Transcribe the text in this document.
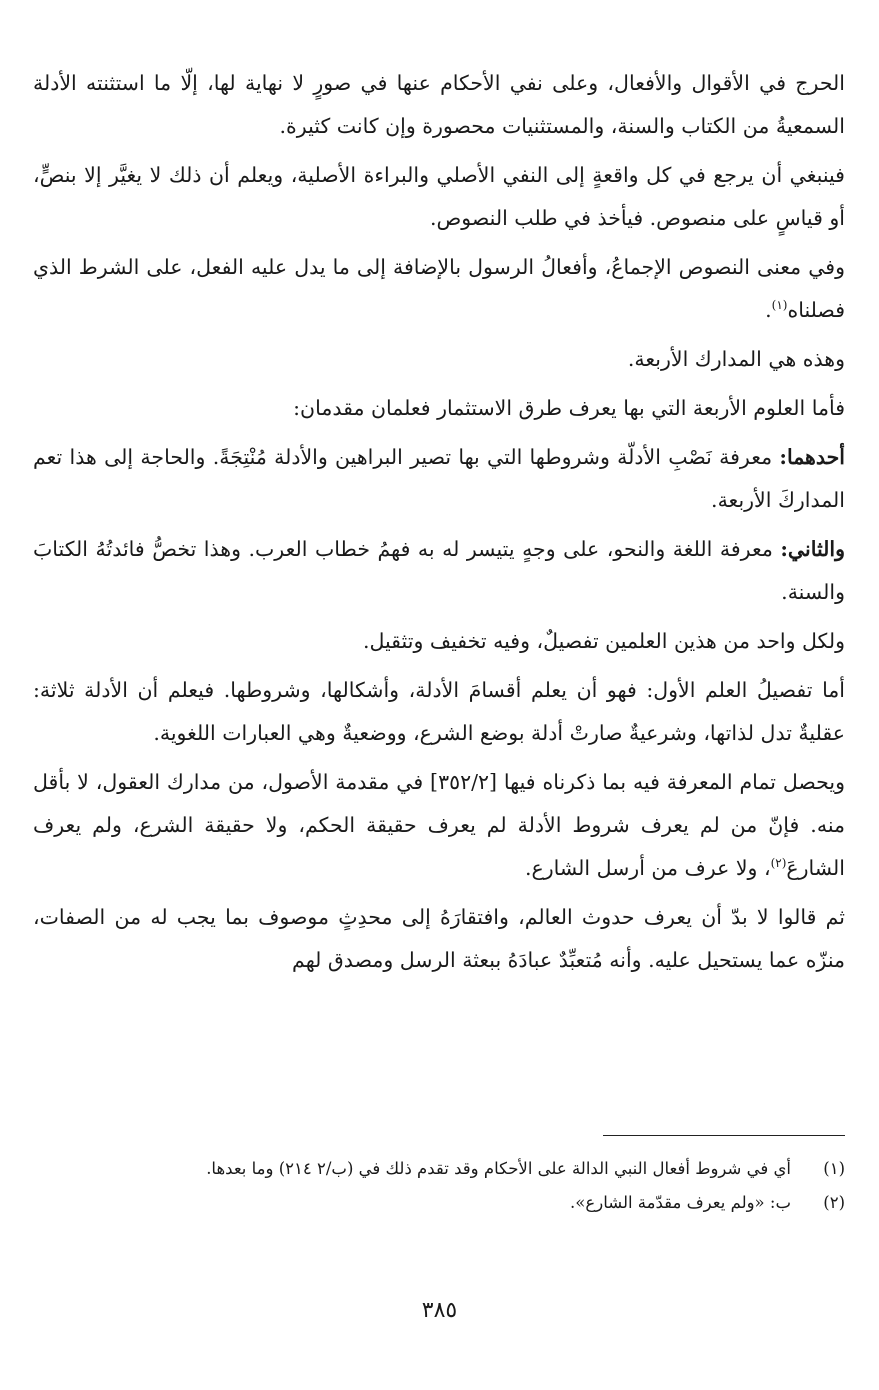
الحرج في الأقوال والأفعال، وعلى نفي الأحكام عنها في صورٍ لا نهاية لها، إلّا ما استثنته الأدلة السمعيةُ من الكتاب والسنة، والمستثنيات محصورة وإن كانت كثيرة.

فينبغي أن يرجع في كل واقعةٍ إلى النفي الأصلي والبراءة الأصلية، ويعلم أن ذلك لا يغيَّر إلا بنصٍّ، أو قياسٍ على منصوص. فيأخذ في طلب النصوص.

وفي معنى النصوص الإجماعُ، وأفعالُ الرسول بالإضافة إلى ما يدل عليه الفعل، على الشرط الذي فصلناه$^{(١)}$.

وهذه هي المدارك الأربعة.

فأما العلوم الأربعة التي بها يعرف طرق الاستثمار فعلمان مقدمان:

أحدهما: معرفة نَصْبِ الأدلّة وشروطها التي بها تصير البراهين والأدلة مُنْتِجَةً. والحاجة إلى هذا تعم المداركَ الأربعة.

والثاني: معرفة اللغة والنحو، على وجهٍ يتيسر له به فهمُ خطاب العرب. وهذا تخصُّ فائدتُهُ الكتابَ والسنة.

ولكل واحد من هذين العلمين تفصيلٌ، وفيه تخفيف وتثقيل.

أما تفصيلُ العلم الأول: فهو أن يعلم أقسامَ الأدلة، وأشكالها، وشروطها. فيعلم أن الأدلة ثلاثة: عقليةٌ تدل لذاتها، وشرعيةٌ صارتْ أدلة بوضع الشرع، ووضعيةٌ وهي العبارات اللغوية.

ويحصل تمام المعرفة فيه بما ذكرناه فيها [٣٥٢/٢] في مقدمة الأصول، من مدارك العقول، لا بأقل منه. فإنّ من لم يعرف شروط الأدلة لم يعرف حقيقة الحكم، ولا حقيقة الشرع، ولم يعرف الشارعَ$^{(٢)}$، ولا عرف من أرسل الشارع.

ثم قالوا لا بدّ أن يعرف حدوث العالم، وافتقارَهُ إلى محدِثٍ موصوف بما يجب له من الصفات، منزّه عما يستحيل عليه. وأنه مُتعبِّدٌ عبادَهُ ببعثة الرسل ومصدق لهم

(١)
أي في شروط أفعال النبي الدالة على الأحكام وقد تقدم ذلك في (ب/٢ ٢١٤) وما بعدها.
(٢)
ب: «ولم يعرف مقدّمة الشارع».
٣٨٥
